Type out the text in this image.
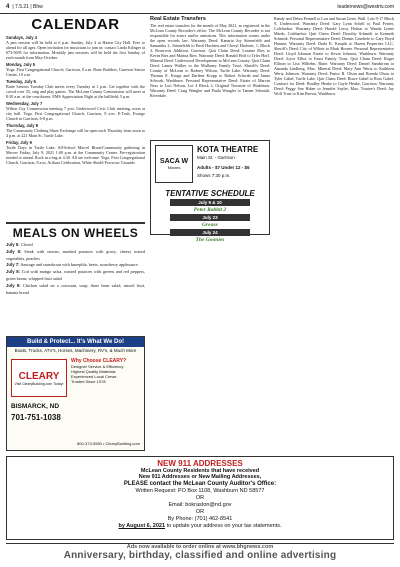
4 | 7.5.21 | Bhw	leadernews@westriv.com
CALENDAR
Sundays, July 4
A jam session will be held at 6 p.m. Sunday, July 4 at Haaen City Hall. Free to attend for all ages. Open invitation for musicians to join in; contact Linda Edinger at 673-5695 for information. Monthly jam sessions will be held the first Sunday of each month from May-October.
Monday, July 5
Yoga. First Congregational Church, Garrison, 8 a.m. Bone Builders, Garrison Senior Center, 10 a.m.
Tuesday, July 6
Butte Seniors Tuesday Club meets every Tuesday at 1 p.m. Get together with the crowd over 55, sing and play games. The McLean County Commission will meet at 8:30 a.m. at the courthouse. EMS Appreciation Night at the ballfield, 5 p.m.
Wednesday, July 7
Wilton City Commission meeting 7 p.m. Underwood Civic Club meeting, noon at city hall. Yoga. First Congregational Church, Garrison, 8 a.m. E-Tush, Evange Church in Garrison, 6-8 p.m.
Thursday, July 8
The Community Clothing Share Exchange will be open each Thursday from noon to 4 p.m. at 221 Main St. Turtle Lake.
Friday, July 9
Turtle Days in Turtle Lake. All-School Marcel Bison/Community gathering in Mercer Friday, July 9, 2021 1:00 p.m. at the Community Center. Pre-registration needed to attend. Rock in a bag at 4:30. All are welcome. Yoga. First Congregational Church, Garrison, 8 a.m. Arikara Celebration, White Shield Powwow Grounds
MEALS ON WHEELS
July 5: Closed
July 6: Steak with onions, mashed potatoes with gravy, cheesy mixed vegetables, peaches
July 7: Sausage and sauerkraut with knoephla, beets, strawberry applesauce
July 8: Cod with mango salsa, roasted potatoes with greens and red peppers, green beans, whipped fruit salad
July 9: Chicken salad on a croissant, soup, three bean salad, mixed fruit, banana bread
Build & Protect... It's What We Do!
Boats, Trucks, ATV's, Horses, Machinery, RV's, & Much More
CLEARY
Visit ClearyBuilding.com Today!
Why Choose CLEARY?
Designer Service & Efficiency
Highest Quality Materials
Experienced Local Crews
Trusted Since 1978
BISMARCK, ND
701-751-1038
800-373-5550 • ClearyBuilding.com
Real Estate Transfers
The real estate transfers for the month of May 2021, as registered in the McLean County Recorder's office. The McLean County Recorder is not responsible for errors and/or omissions. This information comes under the open records law. Warranty Deed: Kanaria Joy Stienefeldt and Samantha L. Stienefeldt to Emil Hachten and Cheryl Hachten, 1, Block 3, Reservoir Addition, Garrison. Quit Claim Deed: Loraine Ries to Kevin Ries and Marina Ries. Warranty Deed: Ronald Hoff to Tyler Hoff. Mineral Deed: Underwood Development to McLean County. Quit Claim Deed: Lanny Walker to the Mullaney Family Trust. Sheriff's Deed: County of McLean to Rodney Wilson, Turtle Lake. Warranty Deed: Thomas E. Kropp and Darlene Kropp to Robert Schwab and Janna Schwab, Washburn. Personal Representative Deed: Estate of Marvin Ness to Lori Nelson, Lot 4 Block 2, Original Townsite of Washburn. Warranty Deed: Craig Wangler and Paula Wangler to Tanner Schmidt, Riverdale.
SACA W
Movies
KOTA THEATRE
Main St. - Garrison
Adults - $7 Under 12 - $5
Shows 7:30 p.m.
TENTATIVE SCHEDULE
July 9 & 10
Peter Rabbit 2
July 23
Grease
July 24
The Goonies
Randy and Debra Pennell to Lon and Susan Geier, Wall. Lots 9-17 Block 9, Underwood. Warranty Deed: Gary Lynn Schell to Paul Feiner, Coleharbor. Warranty Deed: Harold Leroy Holton to Wanda Lynne Marsh, Coleharbor. Quit Claim Deed: Dorothy Schmidt to Kenneth Schmidt. Personal Representative Deed: Dennis Gruebele to Gary Boyd Hansen. Warranty Deed: Darla K. Knopik to Hazen Properties LLC. Sheriff's Deed: City of Wilton to Mark Horner. Personal Representative Deed: Lloyd Johnson Estate to Kevin Johnson, Washburn. Warranty Deed: Joyce Elliot to Faust Family Trust. Quit Claim Deed: Roger Ellison to Lisa Wilhelm, Butte. Warranty Deed: Daniel Sandstrom to Amanda Lindberg, Max. Mineral Deed: Mary Ann Wertz to Kathleen Wertz Johnson. Warranty Deed: Pastor B. Olson and Brenda Olson to Tyler Gabel, Turtle Lake. Quit Claim Deed: Bruce Gabel to Ross Gabel. Contract for Deed: Bradley Henke to Gayle Henke, Garrison. Warranty Deed: Peggy Sue Huber to Jennifer Sayler, Max. Trustee's Deed: Jay Wolf Trust to Kim Brown, Washburn.
NEW 911 ADDRESSES
McLean County Residents that have received
New 911 Addresses or New Mailing Addresses,
PLEASE contact the McLean County Auditor's Office:
Written Request: PO Box 1108, Washburn ND 58577
OR
Email: bokraston@nd.gov
OR
By Phone: (701) 462-8541
by August 6, 2021 to update your address on your tax statements.
Ads now available to order online at www.bhgnews.com
Anniversary, birthday, classified and online advertising
